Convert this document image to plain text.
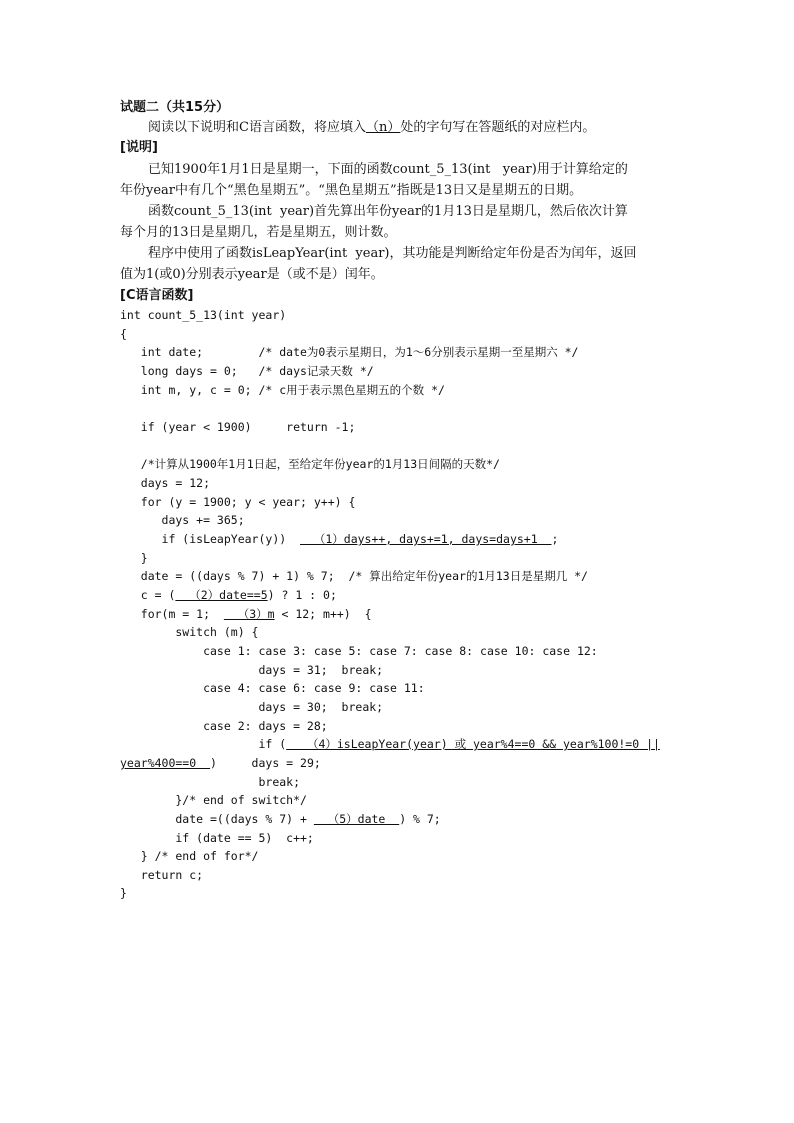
试题二（共15分）
阅读以下说明和C语言函数，将应填入（n）处的字句写在答题纸的对应栏内。
[说明]
已知1900年1月1日是星期一，下面的函数count_5_13(int   year)用于计算给定的
年份year中有几个“黑色星期五”。“黑色星期五”指既是13日又是星期五的日期。
函数count_5_13(int  year)首先算出年份year的1月13日是星期几，然后依次计算
每个月的13日是星期几，若是星期五，则计数。
程序中使用了函数isLeapYear(int  year)，其功能是判断给定年份是否为闰年，返回
值为1(或0)分别表示year是（或不是）闰年。
[C语言函数]
int count_5_13(int year)
{
int date;        /* date为0表示星期日，为1～6分别表示星期一至星期六 */
long days = 0;   /* days记录天数 */
int m, y, c = 0; /* c用于表示黑色星期五的个数 */
if (year < 1900)     return -1;
/*计算从1900年1月1日起，至给定年份year的1月13日间隔的天数*/
days = 12;
for (y = 1900; y < year; y++) {
days += 365;
if (isLeapYear(y))    （1）days++, days+=1, days=days+1  ;
}
date = ((days % 7) + 1) % 7;  /* 算出给定年份year的1月13日是星期几 */
c = (  （2）date==5) ? 1 : 0;
for(m = 1;    （3）m < 12; m++)  {
switch (m) {
case 1: case 3: case 5: case 7: case 8: case 10: case 12:
days = 31;  break;
case 4: case 6: case 9: case 11:
days = 30;  break;
case 2: days = 28;
if (   （4）isLeapYear(year) 或 year%4==0 && year%100!=0 ||
year%400==0  )     days = 29;
break;
}/* end of switch*/
date =((days % 7) +   （5）date  ) % 7;
if (date == 5)  c++;
} /* end of for*/
return c;
}
